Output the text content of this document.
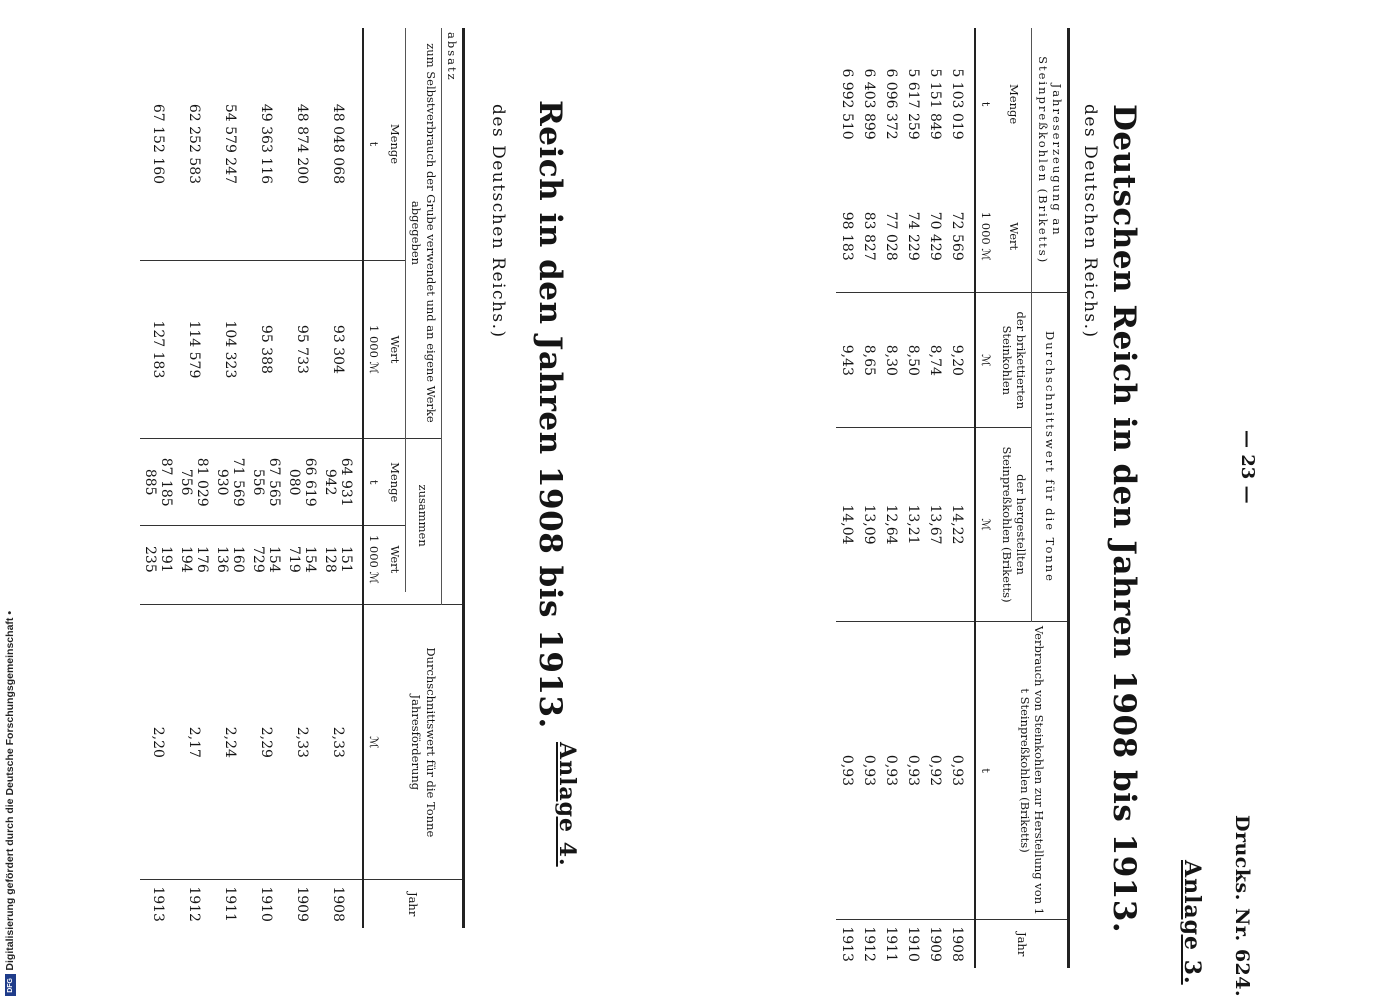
Digitalisierung gefördert durch die Deutsche Forschungsgemeinschaft •
DFG	Drucks. Nr. 624.
— 23 —
Anlage 3.
Deutschen Reich in den Jahren 1908 bis 1913.
des Deutschen Reichs.)
Jahreserzeugung an Steinpreßkohlen (Briketts)		Durchschnittswert für die Tonne		Verbrauch von Steinkohlen zur Herstellung von 1 t Steinpreßkohlen (Briketts)	Jahr
Menge	Wert	der brikettierten Steinkohlen	der hergestellten Steinpreßkohlen (Briketts)		
t	1 000 ℳ	ℳ	ℳ	t	
5 103 019	72 569	9,20	14,22	0,93	1908
5 151 849	70 429	8,74	13,67	0,92	1909
5 617 259	74 229	8,50	13,21	0,93	1910
6 096 372	77 028	8,30	12,64	0,93	1911
6 403 899	83 827	8,65	13,09	0,93	1912
6 992 510	98 183	9,43	14,04	0,93	1913
Anlage 4.
Reich in den Jahren 1908 bis 1913.
des Deutschen Reichs.)
absatz					Durchschnittswert für die Tonne Jahresförderung	Jahr
zum Selbstverbrauch der Grube verwendet und an eigene Werke abgegeben		zusammen				
Menge	Wert	Menge	Wert			
t	1 000 ℳ	t	1 000 ℳ		ℳ	
48 048 068	93 304	64 931 942	151 128		2,33	1908
48 874 200	95 733	66 619 080	154 719		2,33	1909
49 363 116	95 388	67 565 556	154 729		2,29	1910
54 579 247	104 323	71 569 930	160 136		2,24	1911
62 252 583	114 579	81 029 756	176 194		2,17	1912
67 152 160	127 183	87 185 885	191 235		2,20	1913
